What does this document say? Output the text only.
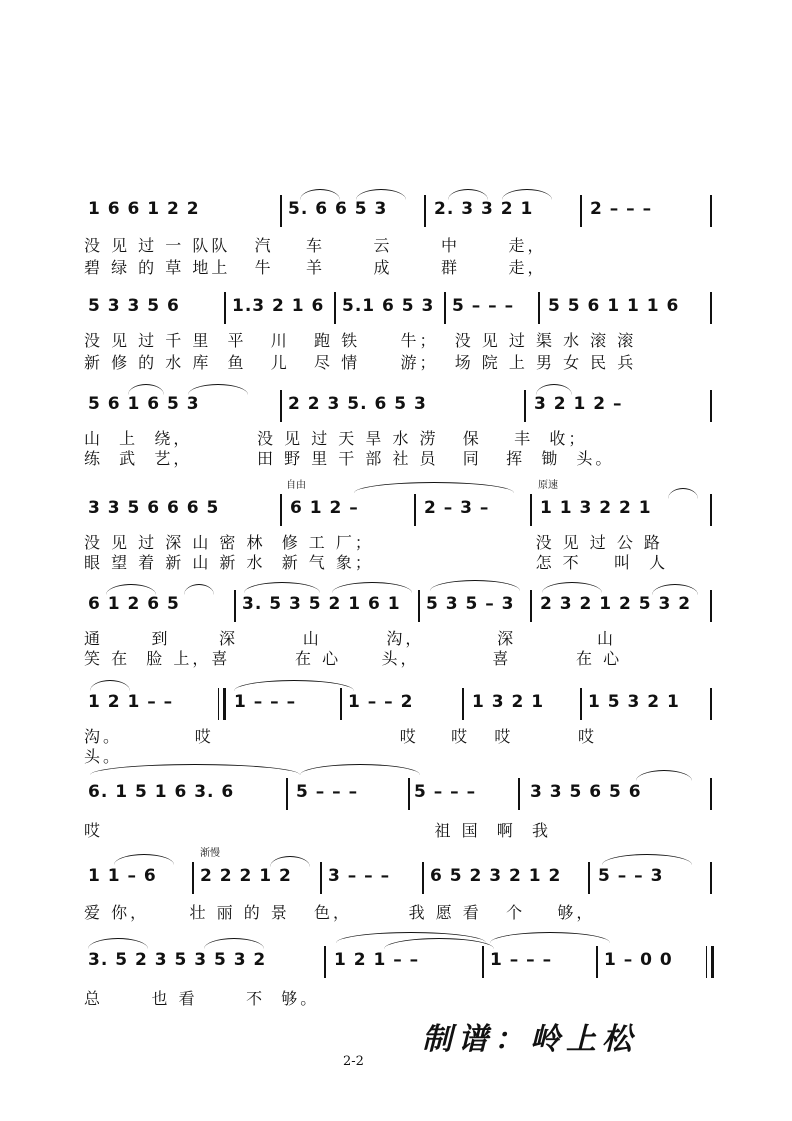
1 6 6 1 2 2	5. 6 6 5 3	2. 3 3 2 1	2 – – –
没 见 过 一 队队   汽    车      云      中      走，
碧 绿 的 草 地上   牛    羊      成      群      走，
5 3 3 5 6	1.3 2 1 6 5.1 6 5 3 5 – – – 5 5 6 1 1 1 6
没 见 过 千 里  平   川   跑 铁     牛；  没 见 过 渠 水 滚 滚
新 修 的 水 库  鱼   儿   尽 情     游；  场 院 上 男 女 民 兵
5 6 1 6 5 3	2 2 3 5. 6 5 3	3 2 1 2 –
山  上  绕，        没 见 过 天 旱 水 涝   保    丰  收；
练  武  艺，        田 野 里 干 部 社 员   同   挥  锄  头。
自由	原速
3 3 5 6 6 6 5	6 1 2 –	2 – 3 –	1 1 3 2 2 1
没 见 过 深 山 密 林  修 工 厂；                    没 见 过 公 路
眼 望 着 新 山 新 水  新 气 象；                    怎 不    叫  人
6 1 2 6 5	3. 5 3 5 2 1 6 1 5 3 5 – 3 2 3 2 1 2 5 3 2
通      到      深        山        沟，         深          山
笑 在  脸 上，喜        在 心     头，         喜        在 心
1 2 1 – –	1 – – –	1 – – 2	1 3 2 1	1 5 3 2 1
沟。         哎                       哎    哎   哎        哎
头。
6. 1 5 1 6 3. 6	5 – – –	5 – – –	3 3 5 6 5 6
哎                                         祖 国  啊  我
渐慢
1 1 – 6	2 2 2 1 2 3 – – – 6 5 2 3 2 1 2 5 – – 3
爱 你，     壮 丽 的 景   色，       我 愿 看   个    够，
3. 5 2 3 5 3 5 3 2	1 2 1 – –	1 – – –	1 – 0 0
总      也 看      不  够。
制谱：岭上松
2-2
